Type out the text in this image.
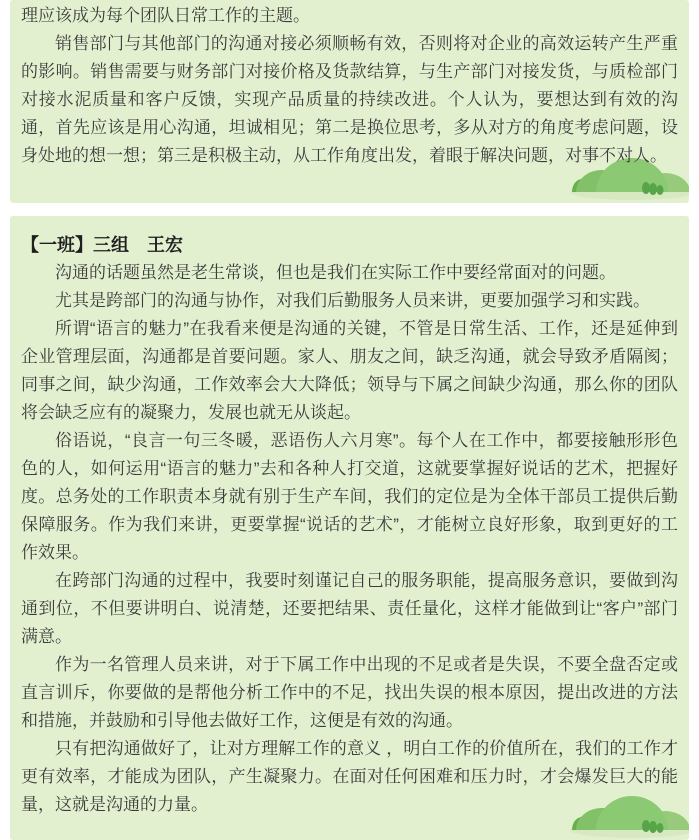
理应该成为每个团队日常工作的主题。

销售部门与其他部门的沟通对接必须顺畅有效，否则将对企业的高效运转产生严重的影响。销售需要与财务部门对接价格及货款结算，与生产部门对接发货，与质检部门对接水泥质量和客户反馈，实现产品质量的持续改进。个人认为，要想达到有效的沟通，首先应该是用心沟通，坦诚相见；第二是换位思考，多从对方的角度考虑问题，设身处地的想一想；第三是积极主动，从工作角度出发，着眼于解决问题，对事不对人。

【一班】三组　王宏

沟通的话题虽然是老生常谈，但也是我们在实际工作中要经常面对的问题。

尤其是跨部门的沟通与协作，对我们后勤服务人员来讲，更要加强学习和实践。

所谓“语言的魅力”在我看来便是沟通的关键，不管是日常生活、工作，还是延伸到企业管理层面，沟通都是首要问题。家人、朋友之间，缺乏沟通，就会导致矛盾隔阂；同事之间，缺少沟通，工作效率会大大降低；领导与下属之间缺少沟通，那么你的团队将会缺乏应有的凝聚力，发展也就无从谈起。

俗语说，“良言一句三冬暖，恶语伤人六月寒”。每个人在工作中，都要接触形形色色的人，如何运用“语言的魅力”去和各种人打交道，这就要掌握好说话的艺术，把握好度。总务处的工作职责本身就有别于生产车间，我们的定位是为全体干部员工提供后勤保障服务。作为我们来讲，更要掌握“说话的艺术”，才能树立良好形象，取到更好的工作效果。

在跨部门沟通的过程中，我要时刻谨记自己的服务职能，提高服务意识，要做到沟通到位，不但要讲明白、说清楚，还要把结果、责任量化，这样才能做到让“客户”部门满意。

作为一名管理人员来讲，对于下属工作中出现的不足或者是失误，不要全盘否定或直言训斥，你要做的是帮他分析工作中的不足，找出失误的根本原因，提出改进的方法和措施，并鼓励和引导他去做好工作，这便是有效的沟通。

只有把沟通做好了，让对方理解工作的意义 ，明白工作的价值所在，我们的工作才更有效率，才能成为团队，产生凝聚力。在面对任何困难和压力时，才会爆发巨大的能量，这就是沟通的力量。
